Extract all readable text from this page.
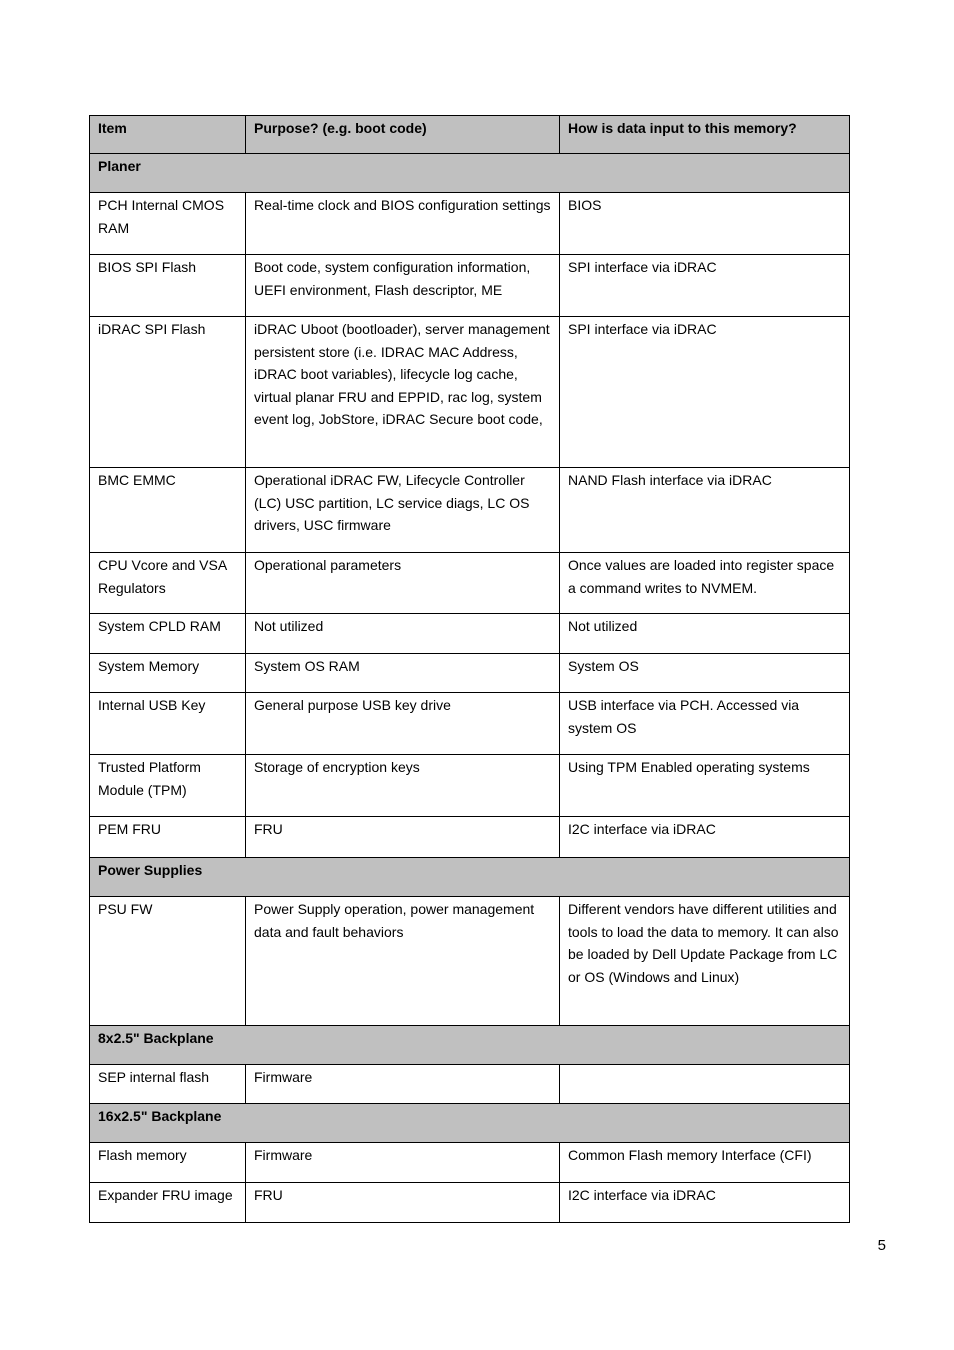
Item	Purpose? (e.g. boot code)	How is data input to this memory?
Planer		
PCH Internal CMOS RAM	Real-time clock and BIOS configuration settings	BIOS
BIOS SPI Flash	Boot code, system configuration information, UEFI environment, Flash descriptor, ME	SPI interface via iDRAC
iDRAC SPI Flash	iDRAC Uboot (bootloader), server management persistent store (i.e. IDRAC MAC Address, iDRAC boot variables), lifecycle log cache, virtual planar FRU and EPPID, rac log, system event log, JobStore, iDRAC Secure boot code,	SPI interface via iDRAC
BMC EMMC	Operational iDRAC FW, Lifecycle Controller (LC) USC partition, LC service diags, LC OS drivers, USC firmware	NAND Flash interface via iDRAC
CPU Vcore and VSA Regulators	Operational parameters	Once values are loaded into register space a command writes to NVMEM.
System CPLD RAM	Not utilized	Not utilized
System Memory	System OS RAM	System OS
Internal USB Key	General purpose USB key drive	USB interface via PCH. Accessed via system OS
Trusted Platform Module (TPM)	Storage of encryption keys	Using TPM Enabled operating systems
PEM FRU	FRU	I2C interface via iDRAC
Power Supplies		
PSU FW	Power Supply operation, power management data and fault behaviors	Different vendors have different utilities and tools to load the data to memory. It can also be loaded by Dell Update Package from LC or OS (Windows and Linux)
8x2.5" Backplane		
SEP internal flash	Firmware	
16x2.5" Backplane		
Flash memory	Firmware	Common Flash memory Interface (CFI)
Expander FRU image	FRU	I2C interface via iDRAC
5
